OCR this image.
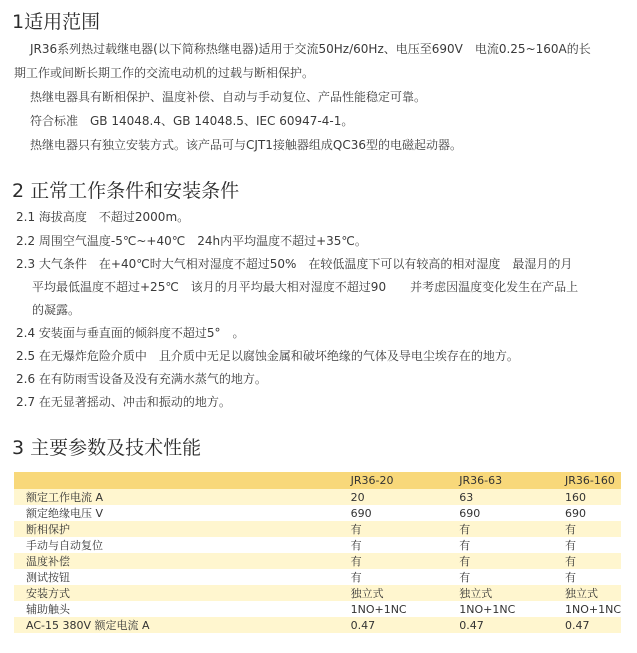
1适用范围
JR36系列热过载继电器(以下简称热继电器)适用于交流50Hz/60Hz、电压至690V　电流0.25~160A的长
期工作或间断长期工作的交流电动机的过载与断相保护。
热继电器具有断相保护、温度补偿、自动与手动复位、产品性能稳定可靠。
符合标准　GB 14048.4、GB 14048.5、IEC 60947-4-1。
热继电器只有独立安装方式。该产品可与CJT1接触器组成QC36型的电磁起动器。
2 正常工作条件和安装条件
2.1 海拔高度　不超过2000m。
2.2 周围空气温度-5℃~+40℃　24h内平均温度不超过+35℃。
2.3 大气条件　在+40℃时大气相对湿度不超过50%　在较低温度下可以有较高的相对湿度　最湿月的月
平均最低温度不超过+25℃　该月的月平均最大相对湿度不超过90　　并考虑因温度变化发生在产品上
的凝露。
2.4 安装面与垂直面的倾斜度不超过5°　。
2.5 在无爆炸危险介质中　且介质中无足以腐蚀金属和破坏绝缘的气体及导电尘埃存在的地方。
2.6 在有防雨雪设备及没有充满水蒸气的地方。
2.7 在无显著摇动、冲击和振动的地方。
3 主要参数及技术性能
	JR36-20	JR36-63	JR36-160
额定工作电流 A	20	63	160
额定绝缘电压 V	690	690	690
断相保护	有	有	有
手动与自动复位	有	有	有
温度补偿	有	有	有
测试按钮	有	有	有
安装方式	独立式	独立式	独立式
辅助触头	1NO+1NC	1NO+1NC	1NO+1NC
AC-15 380V 额定电流 A	0.47	0.47	0.47
